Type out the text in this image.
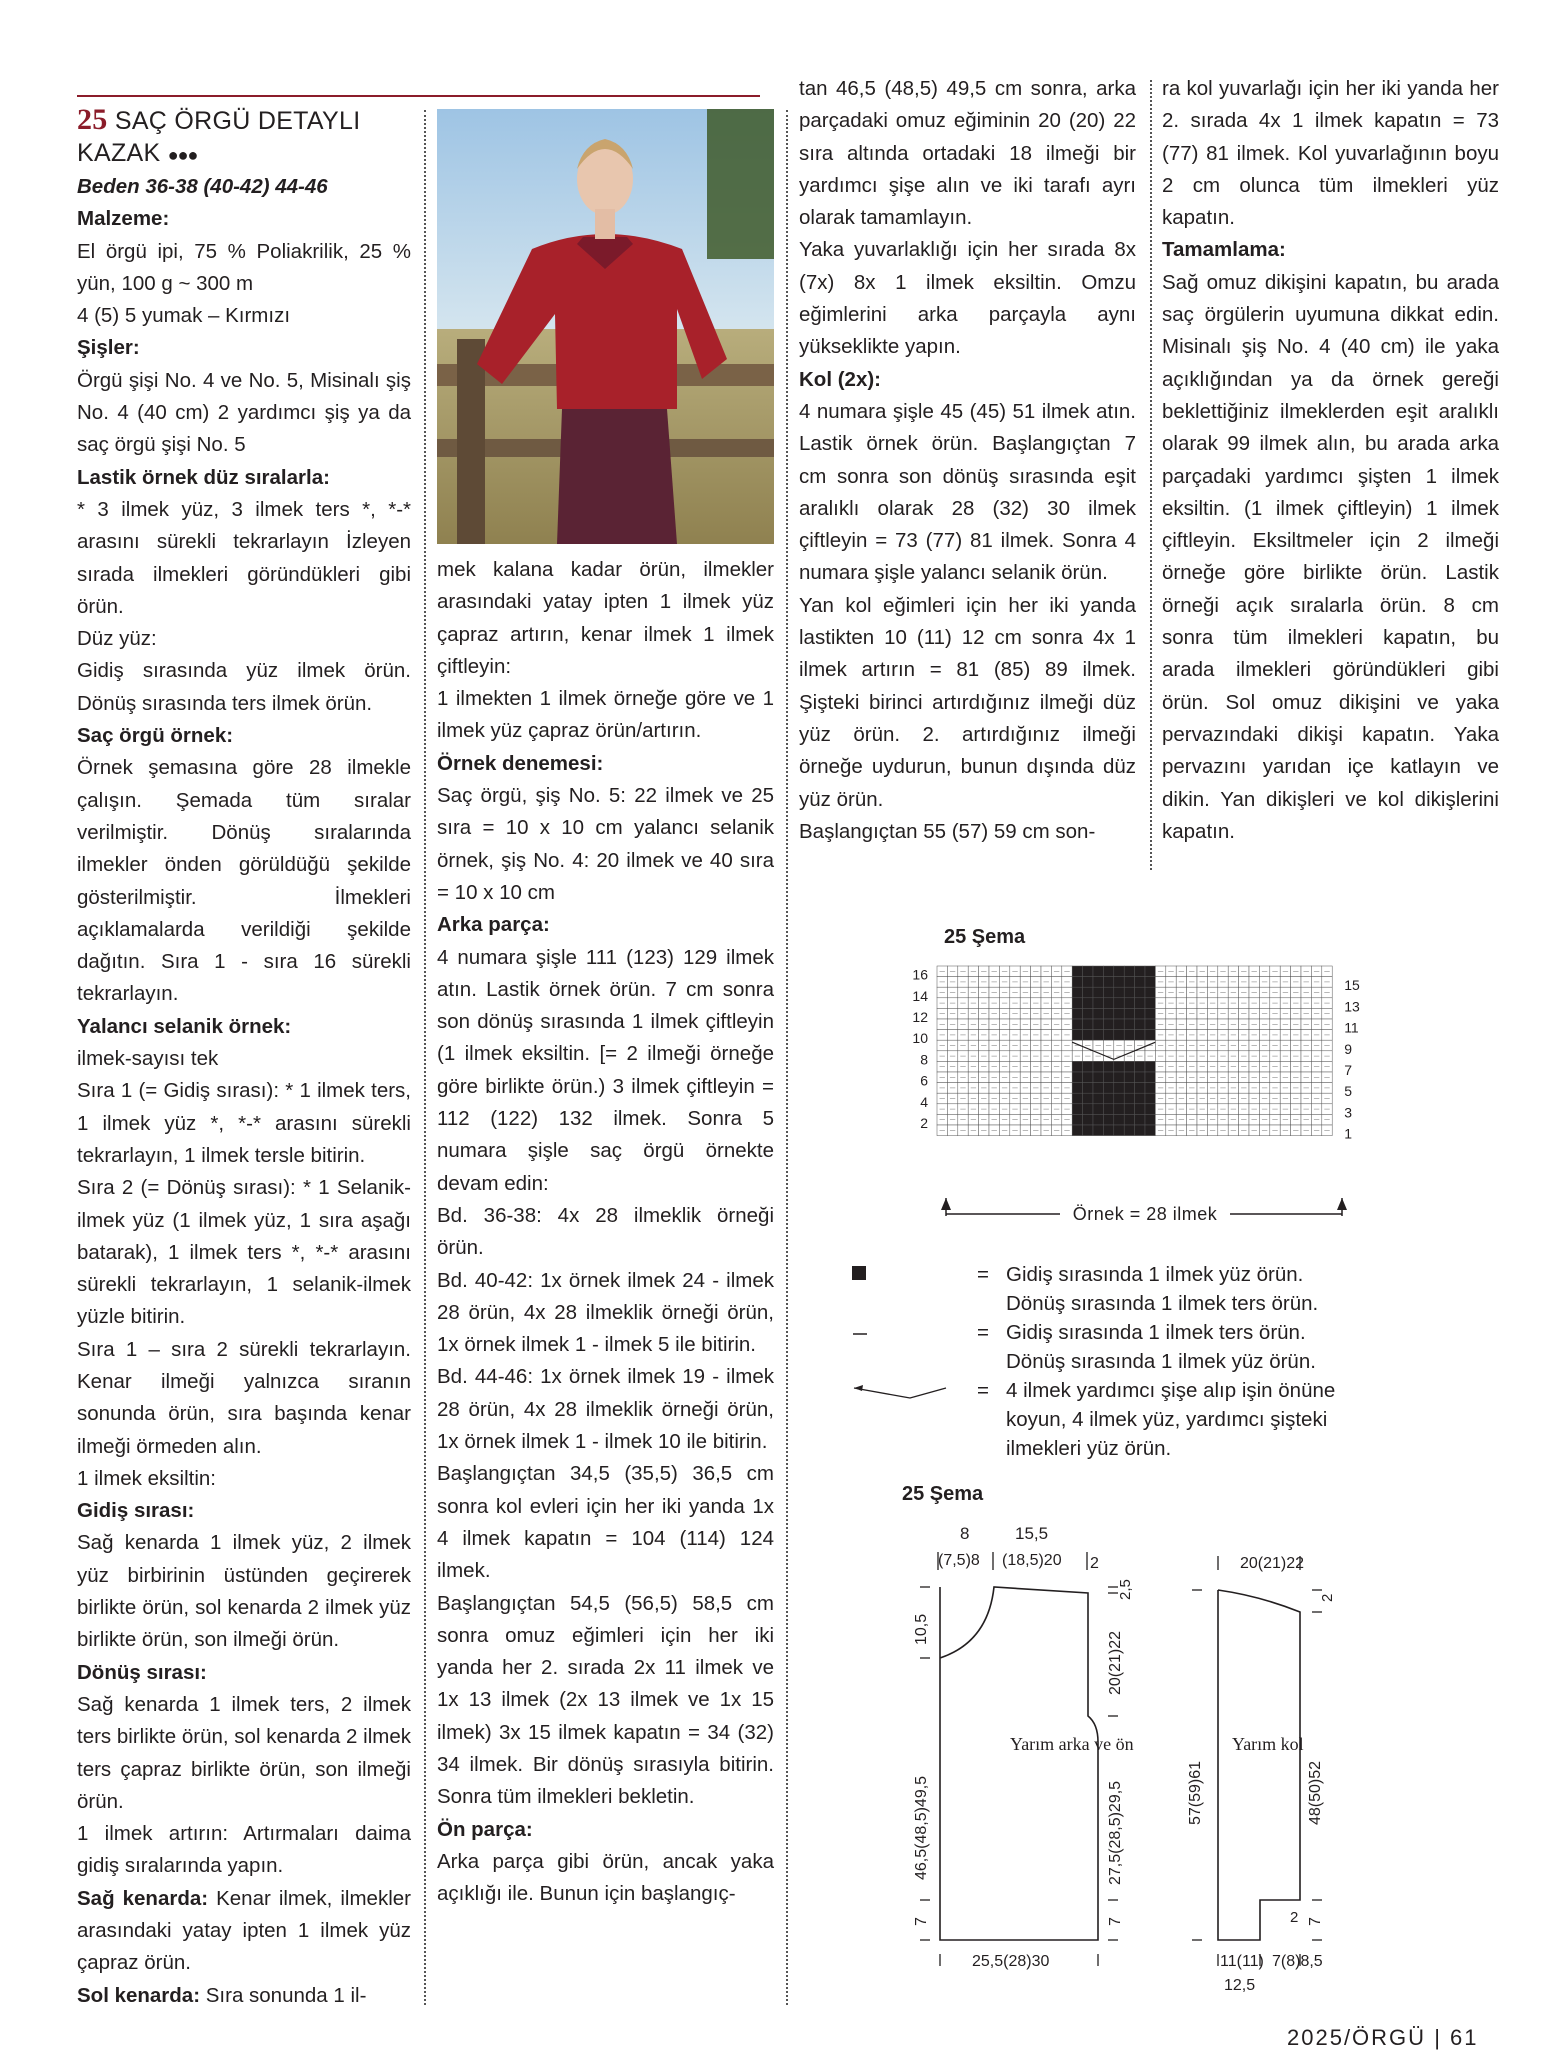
25 SAÇ ÖRGÜ DETAYLI
KAZAK ●●●

Beden 36-38 (40-42) 44-46

Malzeme:

El örgü ipi, 75 % Poliakrilik, 25 % yün, 100 g ~ 300 m

4 (5) 5 yumak – Kırmızı

Şişler:

Örgü şişi No. 4 ve No. 5, Misinalı şiş No. 4 (40 cm) 2 yardımcı şiş ya da saç örgü şişi No. 5

Lastik örnek düz sıralarla:

* 3 ilmek yüz, 3 ilmek ters *, *-* arasını sürekli tekrarlayın İzleyen sırada ilmekleri göründükleri gibi örün.

Düz yüz:

Gidiş sırasında yüz ilmek örün. Dönüş sırasında ters ilmek örün.

Saç örgü örnek:

Örnek şemasına göre 28 ilmekle çalışın. Şemada tüm sıralar verilmiştir. Dönüş sıralarında ilmekler önden görüldüğü şekilde gösterilmiştir. İlmekleri açıklamalarda verildiği şekilde dağıtın. Sıra 1 - sıra 16 sürekli tekrarlayın.

Yalancı selanik örnek:

ilmek-sayısı tek

Sıra 1 (= Gidiş sırası): * 1 ilmek ters, 1 ilmek yüz *, *-* arasını sürekli tekrarlayın, 1 ilmek tersle bitirin.

Sıra 2 (= Dönüş sırası): * 1 Selanik-ilmek yüz (1 ilmek yüz, 1 sıra aşağı batarak), 1 ilmek ters *, *-* arasını sürekli tekrarlayın, 1 selanik-ilmek yüzle bitirin.

Sıra 1 – sıra 2 sürekli tekrarlayın. Kenar ilmeği yalnızca sıranın sonunda örün, sıra başında kenar ilmeği örmeden alın.

1 ilmek eksiltin:

Gidiş sırası:

Sağ kenarda 1 ilmek yüz, 2 ilmek yüz birbirinin üstünden geçirerek birlikte örün, sol kenarda 2 ilmek yüz birlikte örün, son ilmeği örün.

Dönüş sırası:

Sağ kenarda 1 ilmek ters, 2 ilmek ters birlikte örün, sol kenarda 2 ilmek ters çapraz birlikte örün, son ilmeği örün.

1 ilmek artırın: Artırmaları daima gidiş sıralarında yapın.

Sağ kenarda: Kenar ilmek, ilmekler arasındaki yatay ipten 1 ilmek yüz çapraz örün.

Sol kenarda: Sıra sonunda 1 il-

mek kalana kadar örün, ilmekler arasındaki yatay ipten 1 ilmek yüz çapraz artırın, kenar ilmek 1 ilmek çiftleyin:

1 ilmekten 1 ilmek örneğe göre ve 1 ilmek yüz çapraz örün/artırın.

Örnek denemesi:

Saç örgü, şiş No. 5: 22 ilmek ve 25 sıra = 10 x 10 cm yalancı selanik örnek, şiş No. 4: 20 ilmek ve 40 sıra = 10 x 10 cm

Arka parça:

4 numara şişle 111 (123) 129 ilmek atın. Lastik örnek örün. 7 cm sonra son dönüş sırasında 1 ilmek çiftleyin (1 ilmek eksiltin. [= 2 ilmeği örneğe göre birlikte örün.) 3 ilmek çiftleyin = 112 (122) 132 ilmek. Sonra 5 numara şişle saç örgü örnekte devam edin:

Bd. 36-38: 4x 28 ilmeklik örneği örün.

Bd. 40-42: 1x örnek ilmek 24 - ilmek 28 örün, 4x 28 ilmeklik örneği örün, 1x örnek ilmek 1 - ilmek 5 ile bitirin.

Bd. 44-46: 1x örnek ilmek 19 - ilmek 28 örün, 4x 28 ilmeklik örneği örün, 1x örnek ilmek 1 - ilmek 10 ile bitirin.

Başlangıçtan 34,5 (35,5) 36,5 cm sonra kol evleri için her iki yanda 1x 4 ilmek kapatın = 104 (114) 124 ilmek.

Başlangıçtan 54,5 (56,5) 58,5 cm sonra omuz eğimleri için her iki yanda her 2. sırada 2x 11 ilmek ve 1x 13 ilmek (2x 13 ilmek ve 1x 15 ilmek) 3x 15 ilmek kapatın = 34 (32) 34 ilmek. Bir dönüş sırasıyla bitirin. Sonra tüm ilmekleri bekletin.

Ön parça:

Arka parça gibi örün, ancak yaka açıklığı ile. Bunun için başlangıç-

tan 46,5 (48,5) 49,5 cm sonra, arka parçadaki omuz eğiminin 20 (20) 22 sıra altında ortadaki 18 ilmeği bir yardımcı şişe alın ve iki tarafı ayrı olarak tamamlayın.

Yaka yuvarlaklığı için her sırada 8x (7x) 8x 1 ilmek eksiltin. Omzu eğimlerini arka parçayla aynı yükseklikte yapın.

Kol (2x):

4 numara şişle 45 (45) 51 ilmek atın. Lastik örnek örün. Başlangıçtan 7 cm sonra son dönüş sırasında eşit aralıklı olarak 28 (32) 30 ilmek çiftleyin = 73 (77) 81 ilmek. Sonra 4 numara şişle yalancı selanik örün.

Yan kol eğimleri için her iki yanda lastikten 10 (11) 12 cm sonra 4x 1 ilmek artırın = 81 (85) 89 ilmek. Şişteki birinci artırdığınız ilmeği düz yüz örün. 2. artırdığınız ilmeği örneğe uydurun, bunun dışında düz yüz örün.

Başlangıçtan 55 (57) 59 cm son-

ra kol yuvarlağı için her iki yanda her 2. sırada 4x 1 ilmek kapatın = 73 (77) 81 ilmek. Kol yuvarlağının boyu 2 cm olunca tüm ilmekleri yüz kapatın.

Tamamlama:

Sağ omuz dikişini kapatın, bu arada saç örgülerin uyumuna dikkat edin. Misinalı şiş No. 4 (40 cm) ile yaka açıklığından ya da örnek gereği beklettiğiniz ilmeklerden eşit aralıklı olarak 99 ilmek alın, bu arada arka parçadaki yardımcı şişten 1 ilmek eksiltin. (1 ilmek çiftleyin) 1 ilmek çiftleyin. Eksiltmeler için 2 ilmeği örneğe göre birlikte örün. Lastik örneği açık sıralarla örün. 8 cm sonra tüm ilmekleri kapatın, bu arada ilmekleri göründükleri gibi örün. Sol omuz dikişini ve yaka pervazındaki dikişi kapatın. Yaka pervazını yarıdan içe katlayın ve dikin. Yan dikişleri ve kol dikişlerini kapatın.

25 Şema
16
14
12
10
8
6
4
2
15
13
11
9
7
5
3
1
Örnek = 28 ilmek
= Gidiş sırasında 1 ilmek yüz örün.
Dönüş sırasında 1 ilmek ters örün.
= Gidiş sırasında 1 ilmek ters örün.
Dönüş sırasında 1 ilmek yüz örün.
= 4 ilmek yardımcı şişe alıp işin önüne
koyun, 4 ilmek yüz, yardımcı şişteki
ilmekleri yüz örün.
25 Şema
Yarım arka ve ön
8	15,5
(7,5)8 (18,5)20 2
10,5
46,5(48,5)49,5
7
2,5
20(21)22
27,5(28,5)29,5
7
25,5(28)30
Yarım kol
20(21)22
2
57(59)61	48(50)52
2 7
11(11)
12,5
7(8)8,5
2025/ÖRGÜ | 61
